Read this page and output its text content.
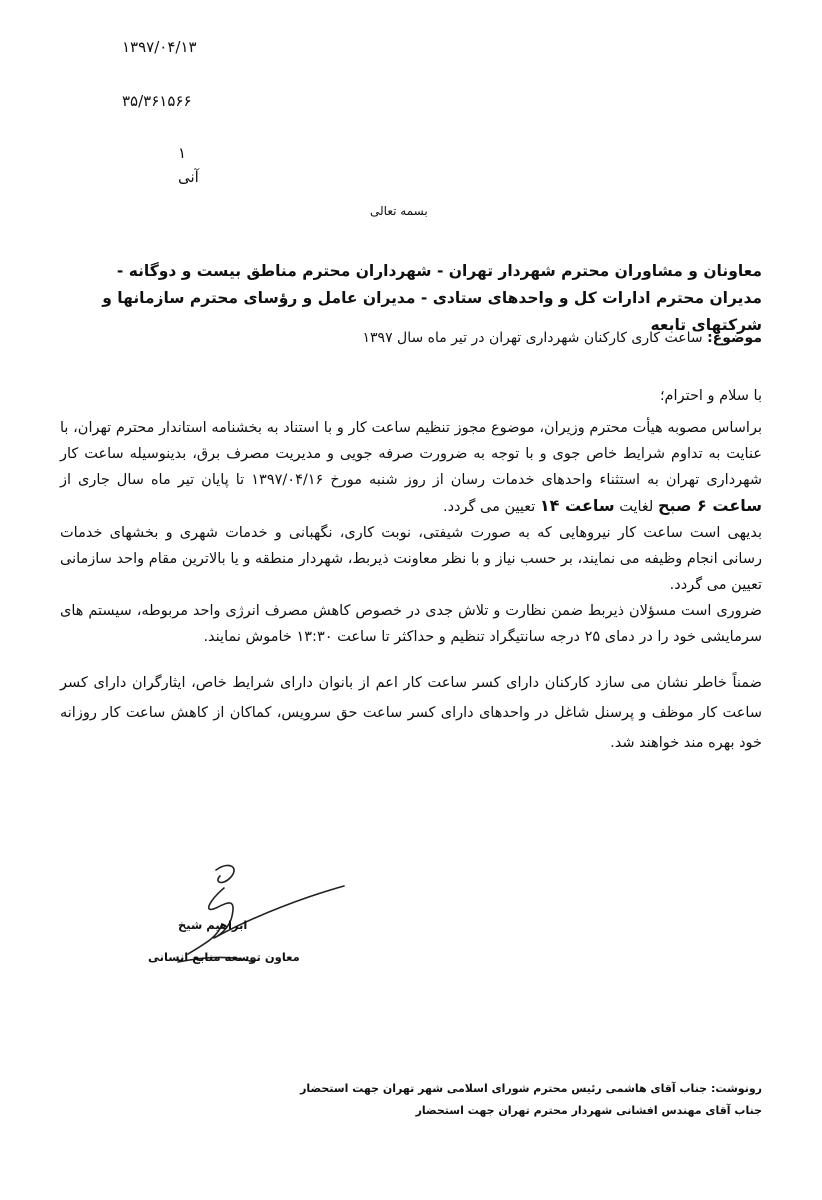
۱۳۹۷/۰۴/۱۳
۳۵/۳۶۱۵۶۶
۱
آنی
بسمه تعالی
معاونان و مشاوران محترم شهردار تهران - شهرداران محترم مناطق بیست و دوگانه - مدیران محترم ادارات کل و واحدهای ستادی - مدیران عامل و رؤسای محترم سازمانها و شرکتهای تابعه
موضوع: ساعت کاری کارکنان شهرداری تهران در تیر ماه سال ۱۳۹۷

با سلام و احترام؛

براساس مصوبه هیأت محترم وزیران، موضوع مجوز تنظیم ساعت کار و با استناد به بخشنامه استاندار محترم تهران، با عنایت به تداوم شرایط خاص جوی و با توجه به ضرورت صرفه جویی و مدیریت مصرف برق، بدینوسیله ساعت کار شهرداری تهران به استثناء واحدهای خدمات رسان از روز شنبه مورخ ۱۳۹۷/۰۴/۱۶ تا پایان تیر ماه سال جاری از ساعت ۶ صبح لغایت ساعت ۱۴ تعیین می گردد.

بدیهی است ساعت کار نیروهایی که به صورت شیفتی، نوبت کاری، نگهبانی و خدمات شهری و بخشهای خدمات رسانی انجام وظیفه می نمایند، بر حسب نیاز و با نظر معاونت ذیربط، شهردار منطقه و یا بالاترین مقام واحد سازمانی تعیین می گردد.

ضروری است مسؤلان ذیربط ضمن نظارت و تلاش جدی در خصوص کاهش مصرف انرژی واحد مربوطه، سیستم های سرمایشی خود را در دمای ۲۵ درجه سانتیگراد تنظیم و حداکثر تا ساعت ۱۳:۳۰ خاموش نمایند.

ضمناً خاطر نشان می سازد کارکنان دارای کسر ساعت کار اعم از بانوان دارای شرایط خاص، ایثارگران دارای کسر ساعت کار موظف و پرسنل شاغل در واحدهای دارای کسر ساعت حق سرویس، کماکان از کاهش ساعت کار روزانه خود بهره مند خواهند شد.

ابراهیم شیخ
معاون توسعه منابع انسانی
رونوشت: جناب آقای هاشمی رئیس محترم شورای اسلامی شهر تهران جهت استحضار
جناب آقای مهندس افشانی شهردار محترم تهران جهت استحضار
